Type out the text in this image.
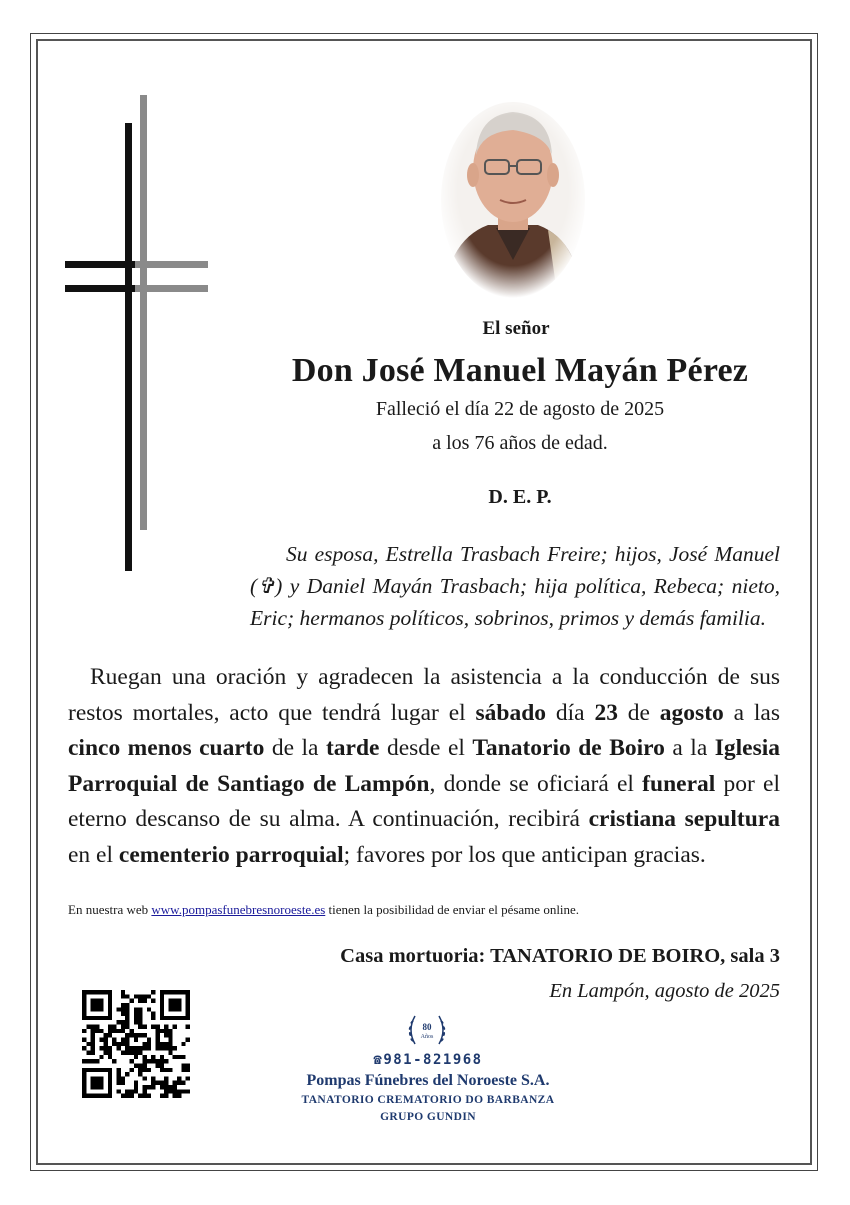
El señor
Don José Manuel Mayán Pérez
Falleció el día 22 de agosto de 2025
a los 76 años de edad.
D. E. P.
Su esposa, Estrella Trasbach Freire; hijos, José Manuel (✞) y Daniel Mayán Trasbach; hija política, Rebeca; nieto, Eric; hermanos políticos, sobrinos, primos y demás familia.
Ruegan una oración y agradecen la asistencia a la conducción de sus restos mortales, acto que tendrá lugar el sábado día 23 de agosto a las cinco menos cuarto de la tarde desde el Tanatorio de Boiro a la Iglesia Parroquial de Santiago de Lampón, donde se oficiará el funeral por el eterno descanso de su alma. A continuación, recibirá cristiana sepultura en el cementerio parroquial; favores por los que anticipan gracias.
En nuestra web www.pompasfunebresnoroeste.es tienen la posibilidad de enviar el pésame online.
Casa mortuoria: TANATORIO DE BOIRO, sala 3
En Lampón, agosto de 2025
80
Años
☎981-821968
Pompas Fúnebres del Noroeste S.A.
TANATORIO CREMATORIO DO BARBANZA
GRUPO GUNDIN
